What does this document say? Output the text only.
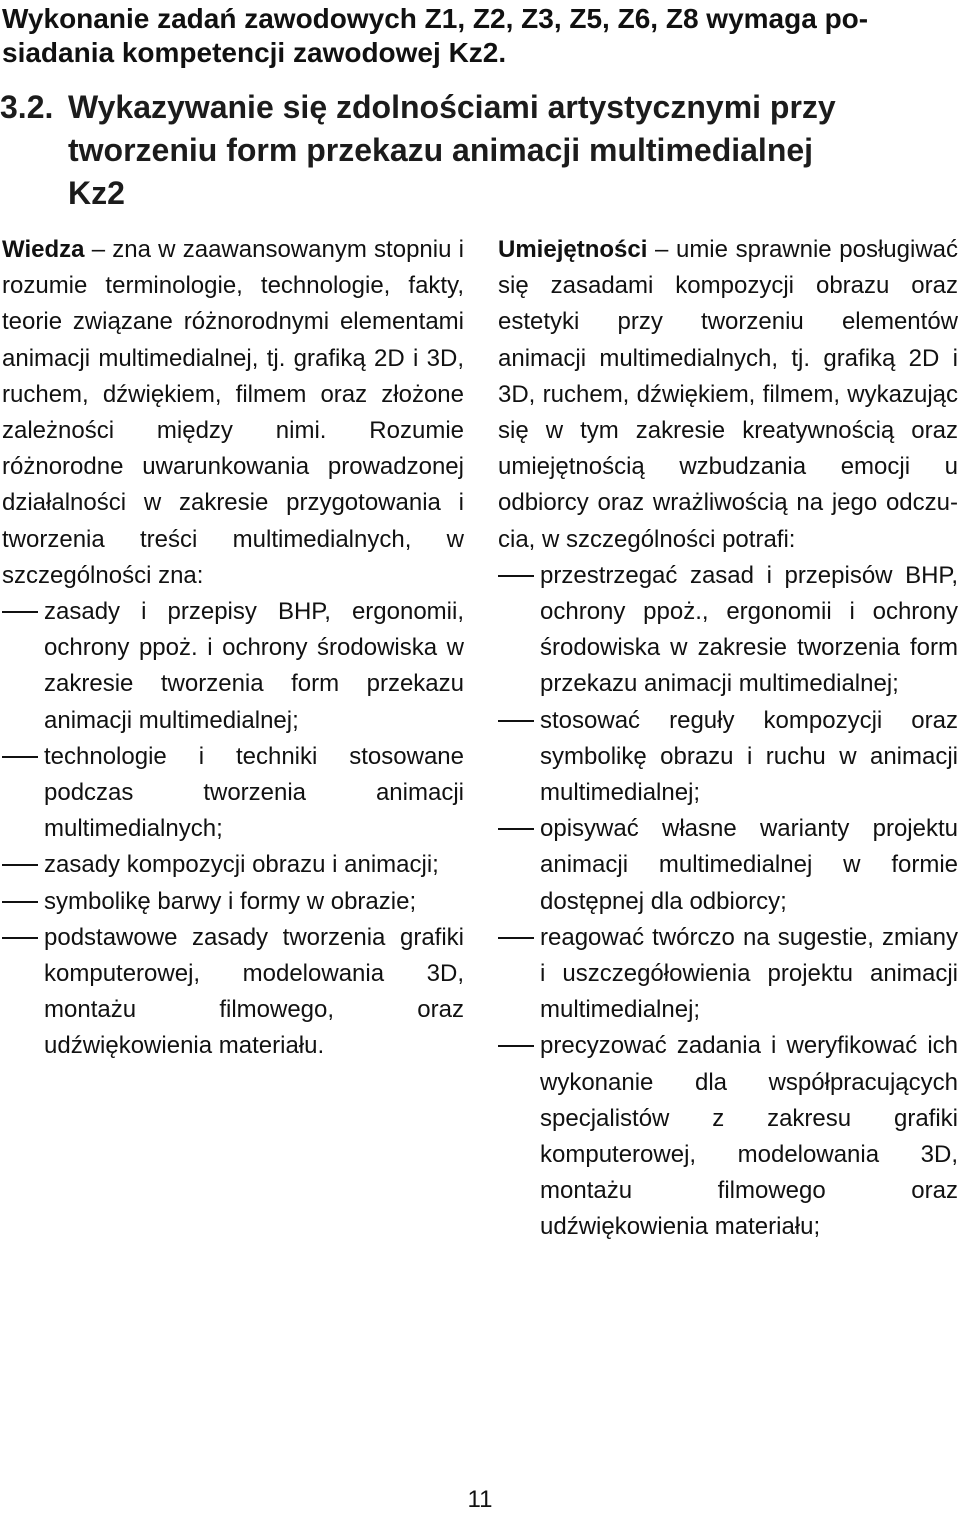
Wykonanie zadań zawodowych Z1, Z2, Z3, Z5, Z6, Z8 wymaga posiadania kompetencji zawodowej Kz2.

3.2. Wykazywanie się zdolnościami artystycznymi przy tworzeniu form przekazu animacji multimedialnej Kz2

Wiedza – zna w zaawansowanym stopniu i rozumie terminologie, technologie, fakty, teorie związane różnorodnymi elementami animacji multimedialnej, tj. grafiką 2D i 3D, ruchem, dźwiękiem, filmem oraz złożone zależności między nimi. Rozumie różnorodne uwarunkowania prowadzonej działalności w zakresie przygotowania i tworzenia treści multimedialnych, w szczególności zna:

zasady i przepisy BHP, ergonomii, ochrony ppoż. i ochrony środowiska w zakresie tworzenia form przekazu animacji multimedialnej;
technologie i techniki stosowane podczas tworzenia animacji multimedialnych;
zasady kompozycji obrazu i animacji;
symbolikę barwy i formy w obrazie;
podstawowe zasady tworzenia grafiki komputerowej, modelowania 3D, montażu filmowego, oraz udźwiękowienia materiału.

Umiejętności – umie sprawnie posługiwać się zasadami kompozycji obrazu oraz estetyki przy tworzeniu elementów animacji multimedialnych, tj. grafiką 2D i 3D, ruchem, dźwiękiem, filmem, wykazując się w tym zakresie kreatywnością oraz umiejętnością wzbudzania emocji u odbiorcy oraz wrażliwością na jego odczucia, w szczególności potrafi:

przestrzegać zasad i przepisów BHP, ochrony ppoż., ergonomii i ochrony środowiska w zakresie tworzenia form przekazu animacji multimedialnej;
stosować reguły kompozycji oraz symbolikę obrazu i ruchu w animacji multimedialnej;
opisywać własne warianty projektu animacji multimedialnej w formie dostępnej dla odbiorcy;
reagować twórczo na sugestie, zmiany i uszczegółowienia projektu animacji multimedialnej;
precyzować zadania i weryfikować ich wykonanie dla współpracujących specjalistów z zakresu grafiki komputerowej, modelowania 3D, montażu filmowego oraz udźwiękowienia materiału;
11
